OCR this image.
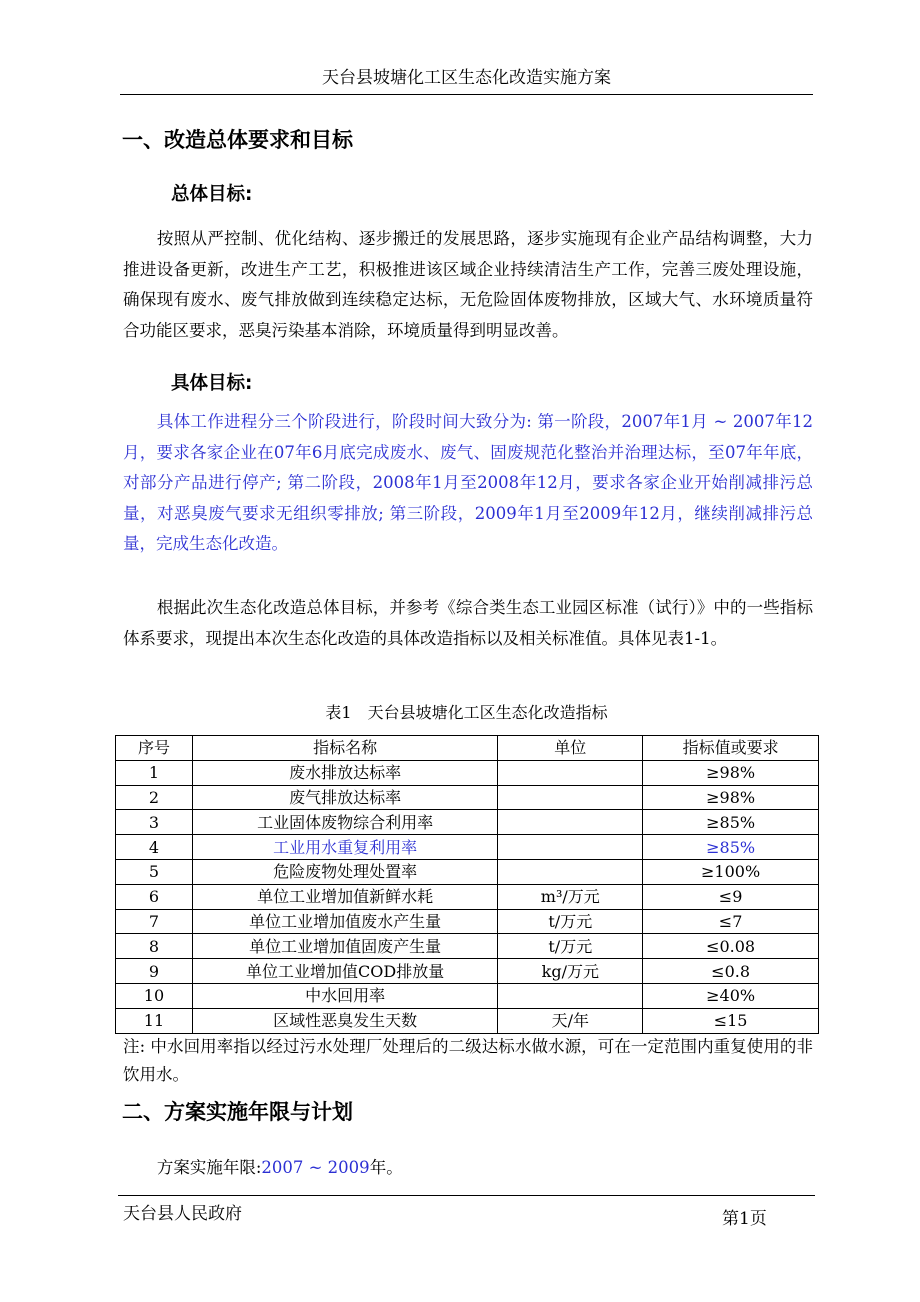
天台县坡塘化工区生态化改造实施方案
一、改造总体要求和目标
总体目标:

按照从严控制、优化结构、逐步搬迁的发展思路，逐步实施现有企业产品结构调整，大力推进设备更新，改进生产工艺，积极推进该区域企业持续清洁生产工作，完善三废处理设施，确保现有废水、废气排放做到连续稳定达标，无危险固体废物排放，区域大气、水环境质量符合功能区要求，恶臭污染基本消除，环境质量得到明显改善。

具体目标:

具体工作进程分三个阶段进行，阶段时间大致分为: 第一阶段，2007年1月 ~ 2007年12月，要求各家企业在07年6月底完成废水、废气、固废规范化整治并治理达标，至07年年底，对部分产品进行停产; 第二阶段，2008年1月至2008年12月，要求各家企业开始削减排污总量，对恶臭废气要求无组织零排放; 第三阶段，2009年1月至2009年12月，继续削减排污总量，完成生态化改造。

根据此次生态化改造总体目标，并参考《综合类生态工业园区标准（试行）》中的一些指标体系要求，现提出本次生态化改造的具体改造指标以及相关标准值。具体见表1-1。

表1　天台县坡塘化工区生态化改造指标
序号	指标名称	单位	指标值或要求
1	废水排放达标率		≥98%
2	废气排放达标率		≥98%
3	工业固体废物综合利用率		≥85%
4	工业用水重复利用率		≥85%
5	危险废物处理处置率		≥100%
6	单位工业增加值新鲜水耗	m³/万元	≤9
7	单位工业增加值废水产生量	t/万元	≤7
8	单位工业增加值固废产生量	t/万元	≤0.08
9	单位工业增加值COD排放量	kg/万元	≤0.8
10	中水回用率		≥40%
11	区域性恶臭发生天数	天/年	≤15

注: 中水回用率指以经过污水处理厂处理后的二级达标水做水源，可在一定范围内重复使用的非饮用水。

二、方案实施年限与计划

方案实施年限:2007 ~ 2009年。

天台县人民政府	第1页
